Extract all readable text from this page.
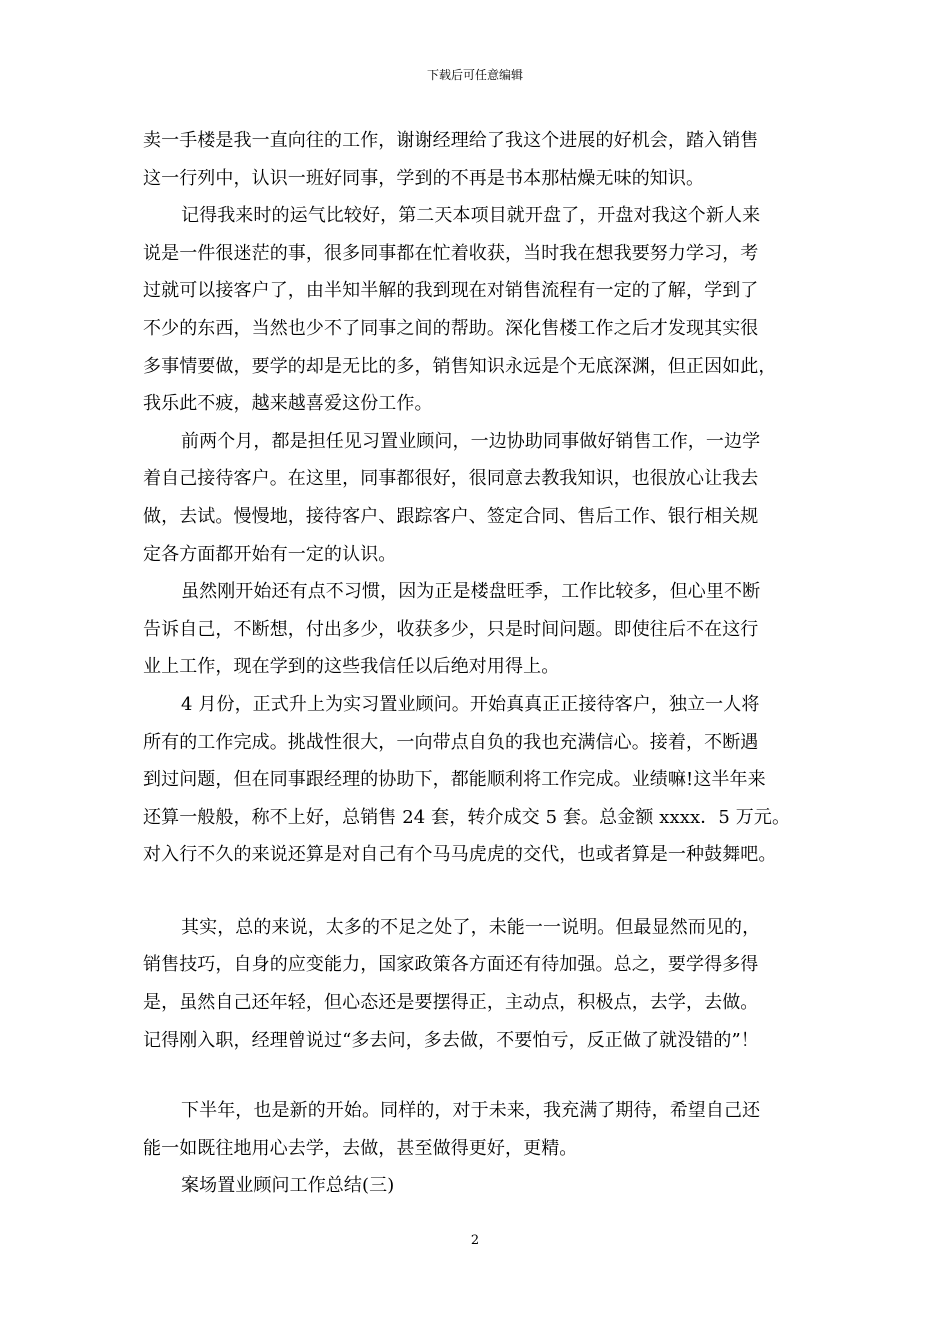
下载后可任意编辑
卖一手楼是我一直向往的工作，谢谢经理给了我这个进展的好机会，踏入销售
这一行列中，认识一班好同事，学到的不再是书本那枯燥无味的知识。
记得我来时的运气比较好，第二天本项目就开盘了，开盘对我这个新人来
说是一件很迷茫的事，很多同事都在忙着收获，当时我在想我要努力学习，考
过就可以接客户了，由半知半解的我到现在对销售流程有一定的了解，学到了
不少的东西，当然也少不了同事之间的帮助。深化售楼工作之后才发现其实很
多事情要做，要学的却是无比的多，销售知识永远是个无底深渊，但正因如此，
我乐此不疲，越来越喜爱这份工作。
前两个月，都是担任见习置业顾问，一边协助同事做好销售工作，一边学
着自己接待客户。在这里，同事都很好，很同意去教我知识，也很放心让我去
做，去试。慢慢地，接待客户、跟踪客户、签定合同、售后工作、银行相关规
定各方面都开始有一定的认识。
虽然刚开始还有点不习惯，因为正是楼盘旺季，工作比较多，但心里不断
告诉自己，不断想，付出多少，收获多少，只是时间问题。即使往后不在这行
业上工作，现在学到的这些我信任以后绝对用得上。
4 月份，正式升上为实习置业顾问。开始真真正正接待客户，独立一人将
所有的工作完成。挑战性很大，一向带点自负的我也充满信心。接着，不断遇
到过问题，但在同事跟经理的协助下，都能顺利将工作完成。业绩嘛!这半年来
还算一般般，称不上好，总销售 24 套，转介成交 5 套。总金额 xxxx．5 万元。
对入行不久的来说还算是对自己有个马马虎虎的交代，也或者算是一种鼓舞吧。
其实，总的来说，太多的不足之处了，未能一一说明。但最显然而见的，
销售技巧，自身的应变能力，国家政策各方面还有待加强。总之，要学得多得
是，虽然自己还年轻，但心态还是要摆得正，主动点，积极点，去学，去做。
记得刚入职，经理曾说过“多去问，多去做，不要怕亏，反正做了就没错的”！
下半年，也是新的开始。同样的，对于未来，我充满了期待，希望自己还
能一如既往地用心去学，去做，甚至做得更好，更精。
案场置业顾问工作总结(三)
2
